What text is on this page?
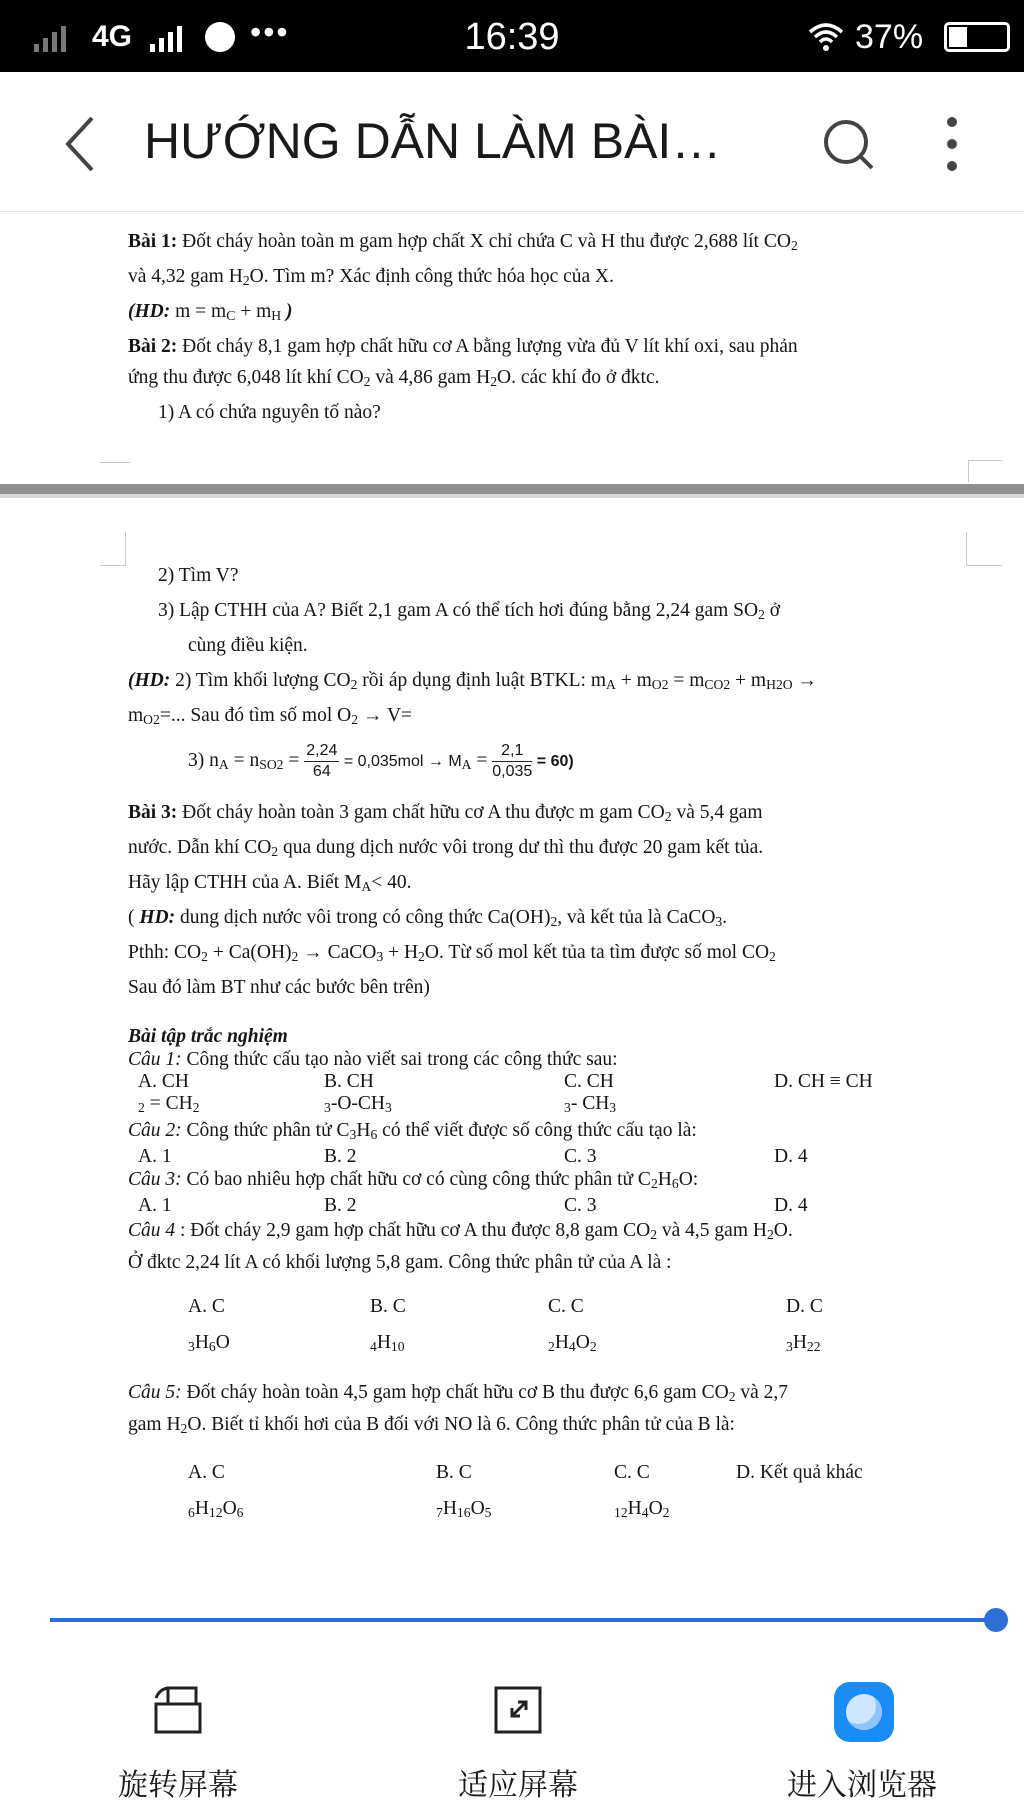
4G	•••	16:39	37%
HƯỚNG DẪN LÀM BÀI…

Bài 1: Đốt cháy hoàn toàn m gam hợp chất X chỉ chứa C và H thu được 2,688 lít $CO_2$

và 4,32 gam $H_2O$. Tìm m? Xác định công thức hóa học của X.

(HD: $m = m_C + m_H$ )

Bài 2: Đốt cháy 8,1 gam hợp chất hữu cơ A bằng lượng vừa đủ V lít khí oxi, sau phản

ứng thu được 6,048 lít khí $CO_2$ và 4,86 gam $H_2O$. các khí đo ở đktc.

1) A có chứa nguyên tố nào?

2) Tìm V?

3) Lập CTHH của A? Biết 2,1 gam A có thể tích hơi đúng bằng 2,24 gam $SO_2$ ở

cùng điều kiện.

(HD: 2) Tìm khối lượng $CO_2$ rồi áp dụng định luật BTKL: $m_A + m_{O2} = m_{CO2} + m_{H2O}$ →

$m_{O2}=$... Sau đó tìm số mol $O_2 \to V=$

3) $n_A = n_{SO2} = \frac{2,24}{64} = 0,035mol \to M_A = \frac{2,1}{0,035} = 60$)

Bài 3: Đốt cháy hoàn toàn 3 gam chất hữu cơ A thu được m gam $CO_2$ và 5,4 gam

nước. Dẫn khí $CO_2$ qua dung dịch nước vôi trong dư thì thu được 20 gam kết tủa.

Hãy lập CTHH của A. Biết $M_A< 40$.

( HD: dung dịch nước vôi trong có công thức $Ca(OH)_2$, và kết tủa là CaCO$_3$.

Pthh: $CO_2 + Ca(OH)_2$ → CaCO$_3$ + $H_2O$. Từ số mol kết tủa ta tìm được số mol $CO_2$

Sau đó làm BT như các bước bên trên)

Bài tập trắc nghiệm

Câu 1: Công thức cấu tạo nào viết sai trong các công thức sau:

A. CH
$_2 = CH_2$
B. CH
$_3-O-CH_3$
C. CH
$_3$- $CH_3$
D. CH ≡ CH

Câu 2: Công thức phân tử $C_3H_6$ có thể viết được số công thức cấu tạo là:

A. 1	B. 2	C. 3	D. 4

Câu 3: Có bao nhiêu hợp chất hữu cơ có cùng công thức phân tử $C_2H_6O$:

A. 1	B. 2	C. 3	D. 4

Câu 4 : Đốt cháy 2,9 gam hợp chất hữu cơ A thu được 8,8 gam $CO_2$ và 4,5 gam $H_2O$.

Ở đktc 2,24 lít A có khối lượng 5,8 gam. Công thức phân tử của A là :

A. C
$_3H_6O$
B. C
$_4H_{10}$
C. C
$_2H_4O_2$
D. C
$_3H_{22}$

Câu 5: Đốt cháy hoàn toàn 4,5 gam hợp chất hữu cơ B thu được 6,6 gam $CO_2$ và 2,7

gam $H_2O$. Biết tỉ khối hơi của B đối với NO là 6. Công thức phân tử của B là:

A. C
$_6H_{12}O_6$
B. C
$_7H_{16}O_5$
C. C
$_{12}H_4O_2$
D. Kết quả khác
旋转屏幕	适应屏幕	进入浏览器
